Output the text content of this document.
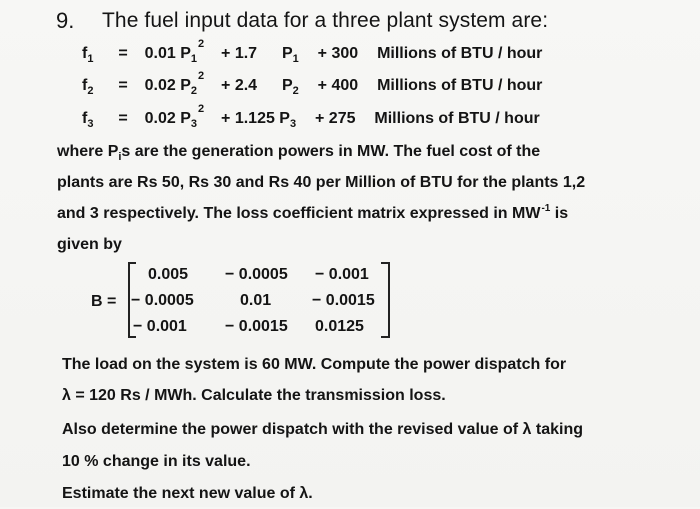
9. The fuel input data for a three plant system are:
$f_1 = 0.01$ $P_1^2 + 1.7$ $P_1 + 300$ Millions of BTU / hour
$f_2 = 0.02$ $P_2^2 + 2.4$ $P_2 + 400$ Millions of BTU / hour
$f_3 = 0.02$ $P_3^2 + 1.125$ $P_3 + 275$ Millions of BTU / hour
where $P_is$ are the generation powers in MW. The fuel cost of the
plants are Rs 50, Rs 30 and Rs 40 per Million of BTU for the plants 1,2
and 3 respectively. The loss coefficient matrix expressed in $MW^{-1}$ is
given by
B =
0.005 − 0.0005 − 0.001
− 0.0005	0.01	− 0.0015
− 0.001 − 0.0015 0.0125
The load on the system is 60 MW. Compute the power dispatch for
λ = 120 Rs / MWh. Calculate the transmission loss.
Also determine the power dispatch with the revised value of λ taking
10 % change in its value.
Estimate the next new value of λ.
